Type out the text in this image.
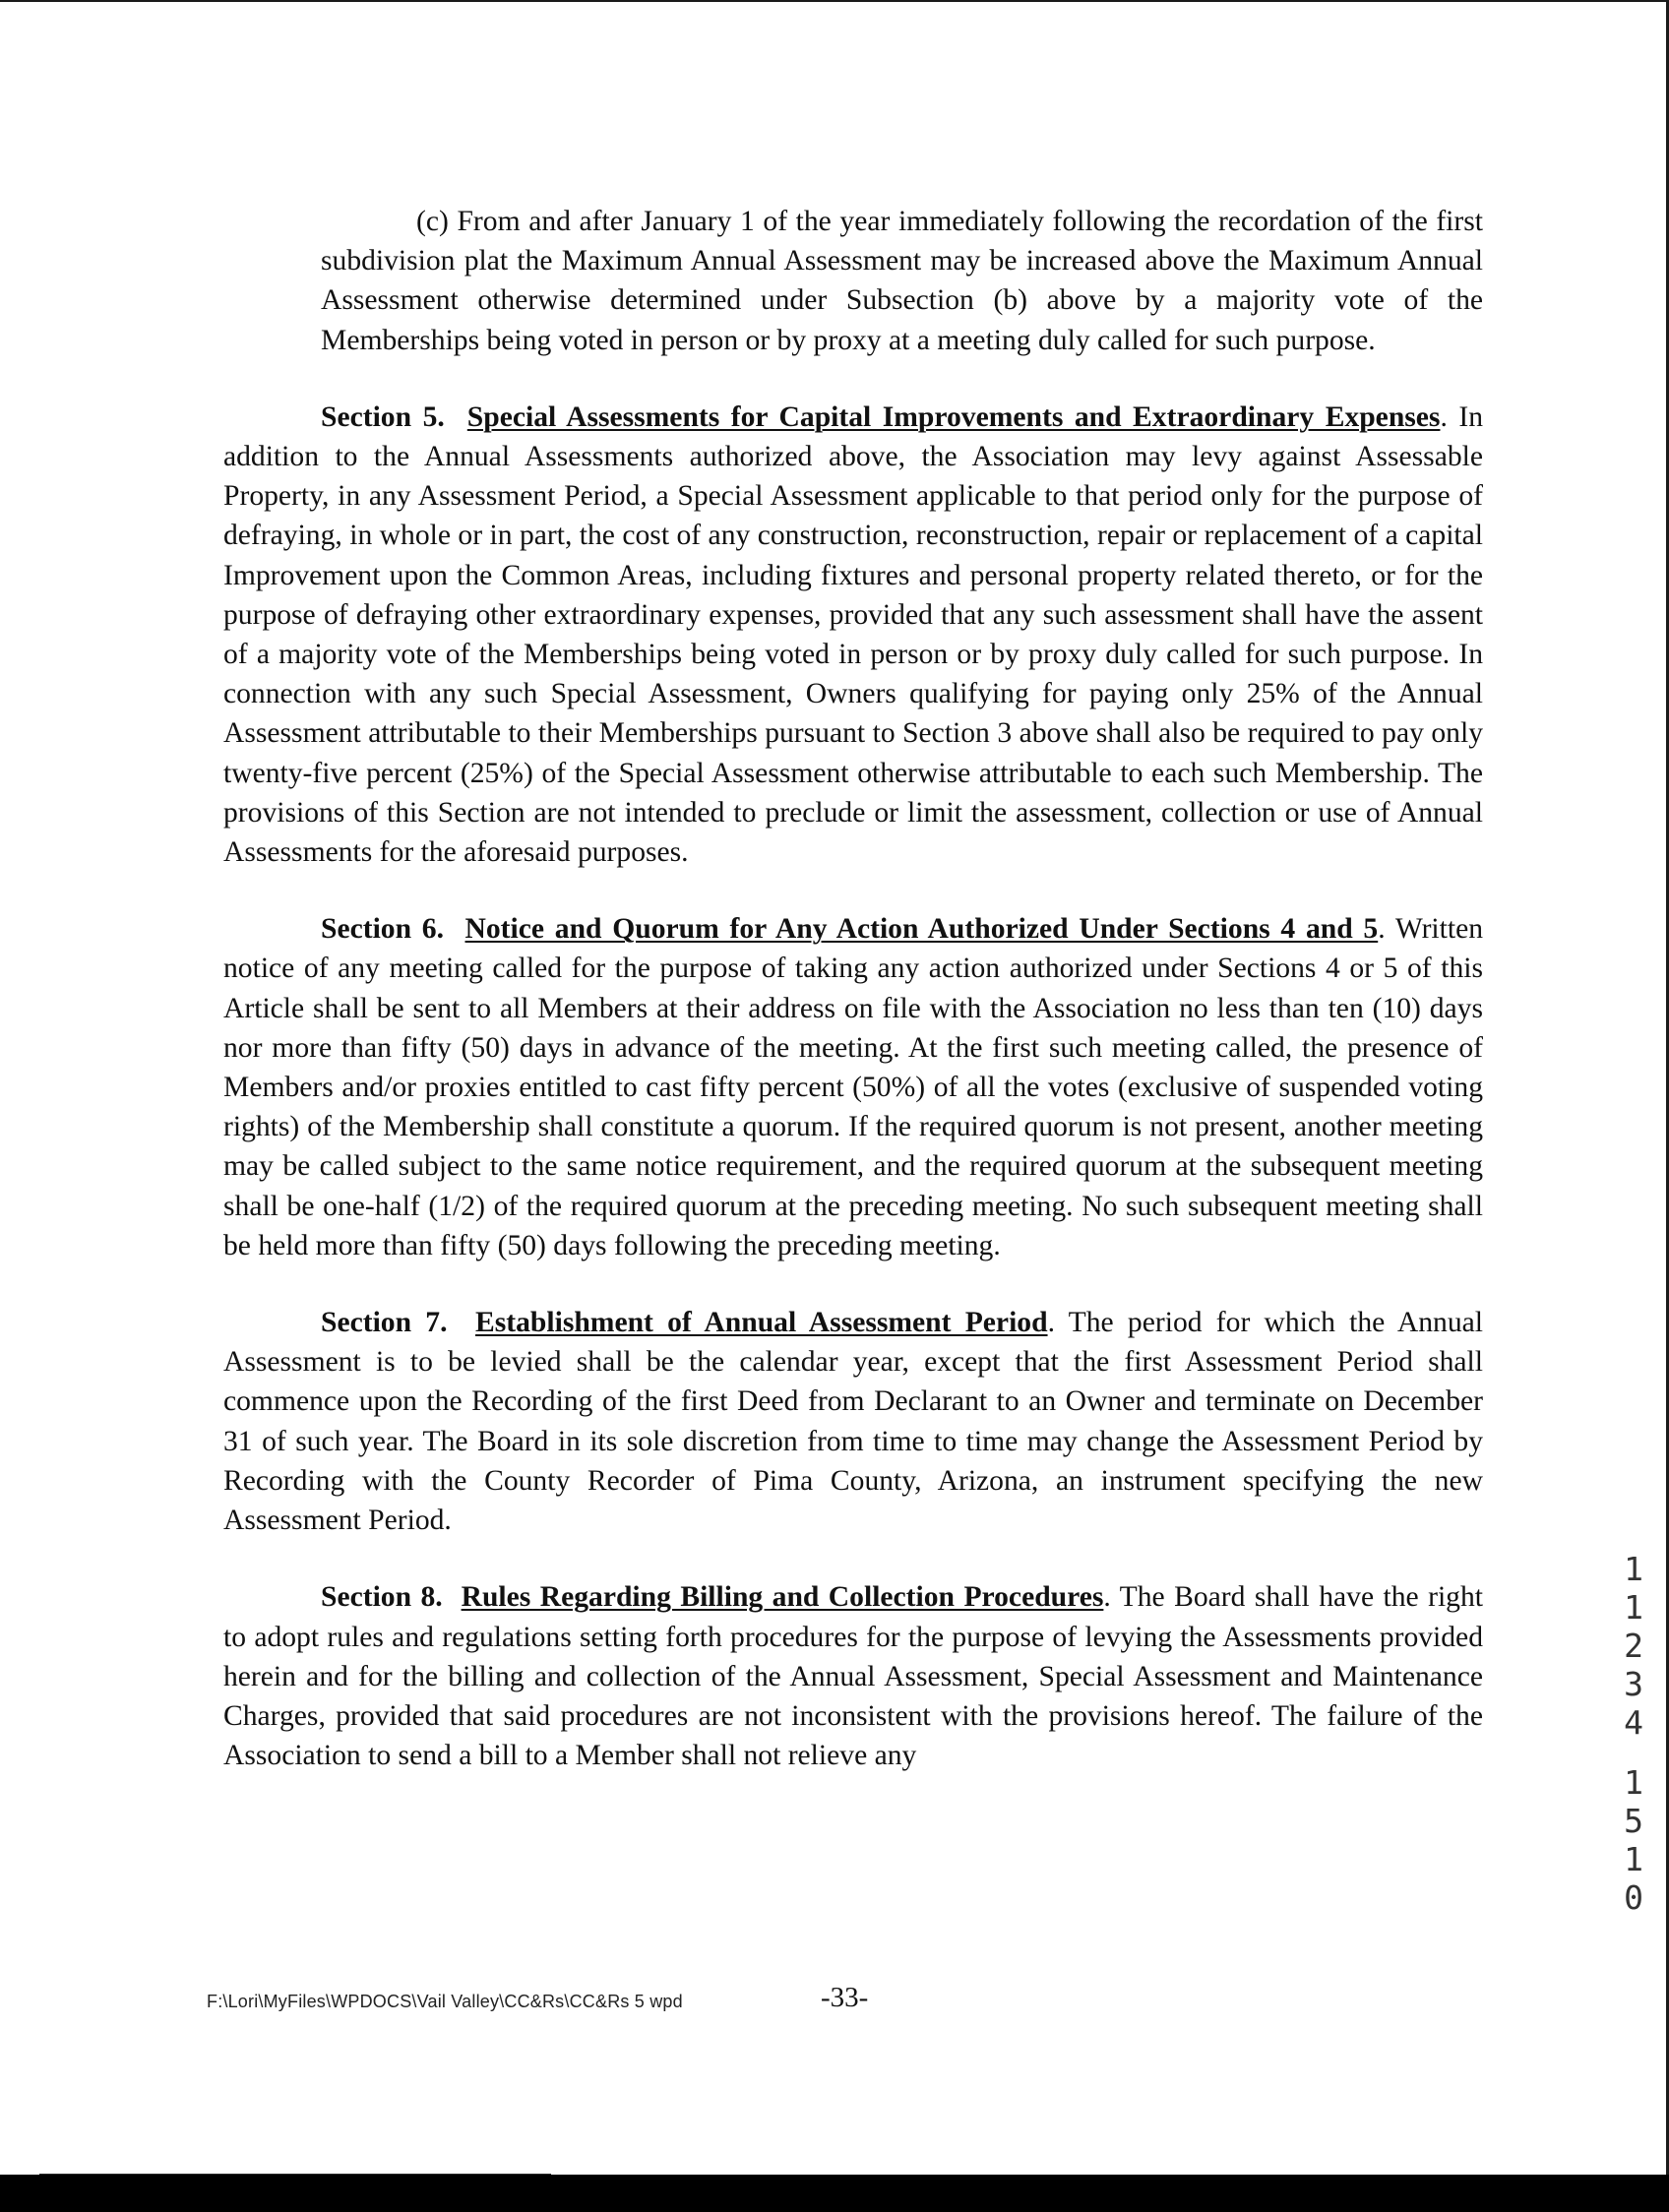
(c) From and after January 1 of the year immediately following the recordation of the first subdivision plat the Maximum Annual Assessment may be increased above the Maximum Annual Assessment otherwise determined under Subsection (b) above by a majority vote of the Memberships being voted in person or by proxy at a meeting duly called for such purpose.

Section 5. Special Assessments for Capital Improvements and Extraordinary Expenses. In addition to the Annual Assessments authorized above, the Association may levy against Assessable Property, in any Assessment Period, a Special Assessment applicable to that period only for the purpose of defraying, in whole or in part, the cost of any construction, reconstruction, repair or replacement of a capital Improvement upon the Common Areas, including fixtures and personal property related thereto, or for the purpose of defraying other extraordinary expenses, provided that any such assessment shall have the assent of a majority vote of the Memberships being voted in person or by proxy duly called for such purpose. In connection with any such Special Assessment, Owners qualifying for paying only 25% of the Annual Assessment attributable to their Memberships pursuant to Section 3 above shall also be required to pay only twenty-five percent (25%) of the Special Assessment otherwise attributable to each such Membership. The provisions of this Section are not intended to preclude or limit the assessment, collection or use of Annual Assessments for the aforesaid purposes.

Section 6. Notice and Quorum for Any Action Authorized Under Sections 4 and 5. Written notice of any meeting called for the purpose of taking any action authorized under Sections 4 or 5 of this Article shall be sent to all Members at their address on file with the Association no less than ten (10) days nor more than fifty (50) days in advance of the meeting. At the first such meeting called, the presence of Members and/or proxies entitled to cast fifty percent (50%) of all the votes (exclusive of suspended voting rights) of the Membership shall constitute a quorum. If the required quorum is not present, another meeting may be called subject to the same notice requirement, and the required quorum at the subsequent meeting shall be one-half (1/2) of the required quorum at the preceding meeting. No such subsequent meeting shall be held more than fifty (50) days following the preceding meeting.

Section 7. Establishment of Annual Assessment Period. The period for which the Annual Assessment is to be levied shall be the calendar year, except that the first Assessment Period shall commence upon the Recording of the first Deed from Declarant to an Owner and terminate on December 31 of such year. The Board in its sole discretion from time to time may change the Assessment Period by Recording with the County Recorder of Pima County, Arizona, an instrument specifying the new Assessment Period.

Section 8. Rules Regarding Billing and Collection Procedures. The Board shall have the right to adopt rules and regulations setting forth procedures for the purpose of levying the Assessments provided herein and for the billing and collection of the Annual Assessment, Special Assessment and Maintenance Charges, provided that said procedures are not inconsistent with the provisions hereof. The failure of the Association to send a bill to a Member shall not relieve any

1
1
2
3
4
1
5
1
0
F:\Lori\MyFiles\WPDOCS\Vail Valley\CC&Rs\CC&Rs 5 wpd	-33-
